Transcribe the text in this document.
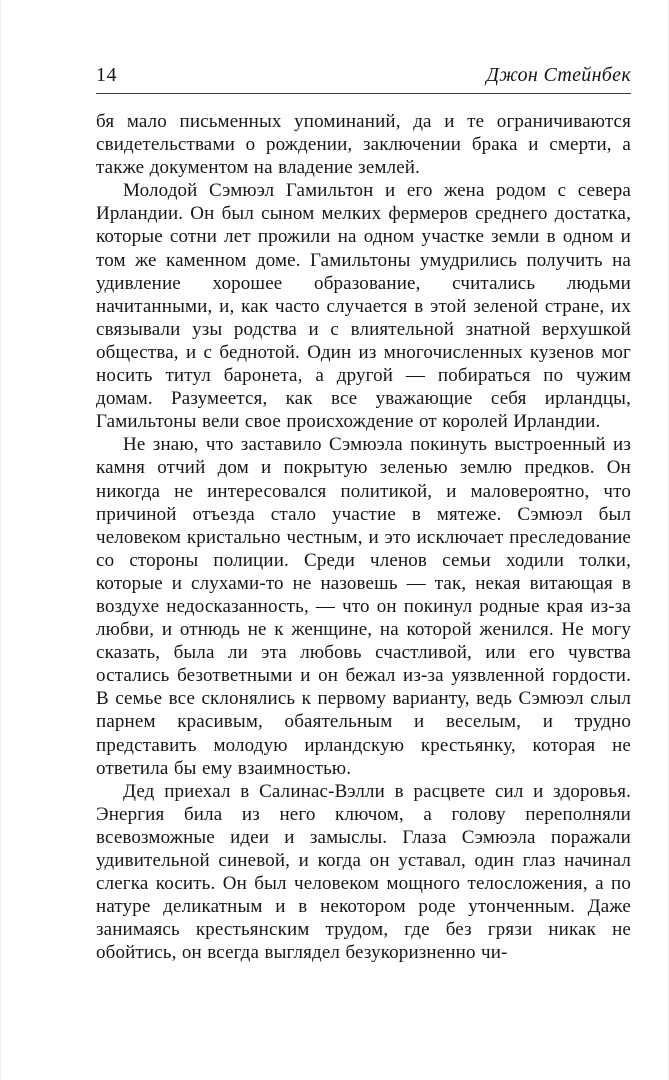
14	Джон Стейнбек

бя мало письменных упоминаний, да и те ограничиваются свидетельствами о рождении, заключении брака и смерти, а также документом на владение землей.

Молодой Сэмюэл Гамильтон и его жена родом с севера Ирландии. Он был сыном мелких фермеров среднего достатка, которые сотни лет прожили на одном участке земли в одном и том же каменном доме. Гамильтоны умудрились получить на удивление хорошее образование, считались людьми начитанными, и, как часто случается в этой зеленой стране, их связывали узы родства и с влиятельной знатной верхушкой общества, и с беднотой. Один из многочисленных кузенов мог носить титул баронета, а другой — побираться по чужим домам. Разумеется, как все уважающие себя ирландцы, Гамильтоны вели свое происхождение от королей Ирландии.

Не знаю, что заставило Сэмюэла покинуть выстроенный из камня отчий дом и покрытую зеленью землю предков. Он никогда не интересовался политикой, и маловероятно, что причиной отъезда стало участие в мятеже. Сэмюэл был человеком кристально честным, и это исключает преследование со стороны полиции. Среди членов семьи ходили толки, которые и слухами-то не назовешь — так, некая витающая в воздухе недосказанность, — что он покинул родные края из-за любви, и отнюдь не к женщине, на которой женился. Не могу сказать, была ли эта любовь счастливой, или его чувства остались безответными и он бежал из-за уязвленной гордости. В семье все склонялись к первому варианту, ведь Сэмюэл слыл парнем красивым, обаятельным и веселым, и трудно представить молодую ирландскую крестьянку, которая не ответила бы ему взаимностью.

Дед приехал в Салинас-Вэлли в расцвете сил и здоровья. Энергия била из него ключом, а голову переполняли всевозможные идеи и замыслы. Глаза Сэмюэла поражали удивительной синевой, и когда он уставал, один глаз начинал слегка косить. Он был человеком мощного телосложения, а по натуре деликатным и в некотором роде утонченным. Даже занимаясь крестьянским трудом, где без грязи никак не обойтись, он всегда выглядел безукоризненно чи-
